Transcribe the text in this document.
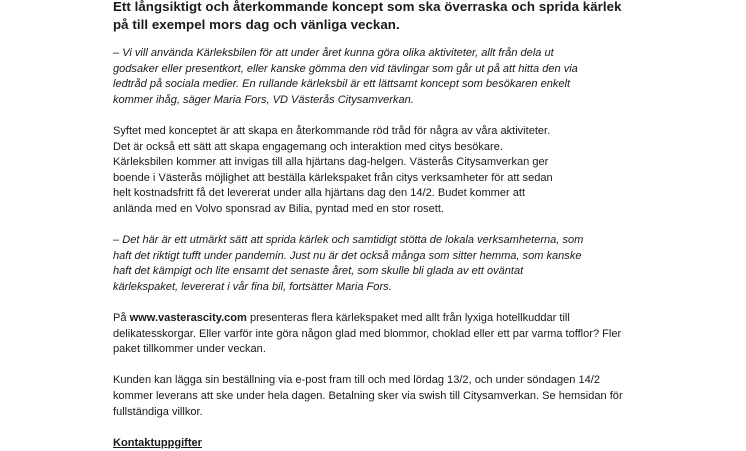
Ett långsiktigt och återkommande koncept som ska överraska och sprida kärlek
på till exempel mors dag och vänliga veckan.
– Vi vill använda Kärleksbilen för att under året kunna göra olika aktiviteter, allt från dela ut
godsaker eller presentkort, eller kanske gömma den vid tävlingar som går ut på att hitta den via
ledtråd på sociala medier. En rullande kärleksbil är ett lättsamt koncept som besökaren enkelt
kommer ihåg, säger Maria Fors, VD Västerås Citysamverkan.
Syftet med konceptet är att skapa en återkommande röd tråd för några av våra aktiviteter.
Det är också ett sätt att skapa engagemang och interaktion med citys besökare.
Kärleksbilen kommer att invigas till alla hjärtans dag-helgen. Västerås Citysamverkan ger
boende i Västerås möjlighet att beställa kärlekspaket från citys verksamheter för att sedan
helt kostnadsfritt få det levererat under alla hjärtans dag den 14/2. Budet kommer att
anlända med en Volvo sponsrad av Bilia, pyntad med en stor rosett.
– Det här är ett utmärkt sätt att sprida kärlek och samtidigt stötta de lokala verksamheterna, som
haft det riktigt tufft under pandemin. Just nu är det också många som sitter hemma, som kanske
haft det kämpigt och lite ensamt det senaste året, som skulle bli glada av ett oväntat
kärlekspaket, levererat i vår fina bil, fortsätter Maria Fors.
På www.vasterascity.com presenteras flera kärlekspaket med allt från lyxiga hotellkuddar till
delikatesskorgar. Eller varför inte göra någon glad med blommor, choklad eller ett par varma tofflor? Fler
paket tillkommer under veckan.
Kunden kan lägga sin beställning via e-post fram till och med lördag 13/2, och under söndagen 14/2
kommer leverans att ske under hela dagen. Betalning sker via swish till Citysamverkan. Se hemsidan för
fullständiga villkor.
Kontaktuppgifter
